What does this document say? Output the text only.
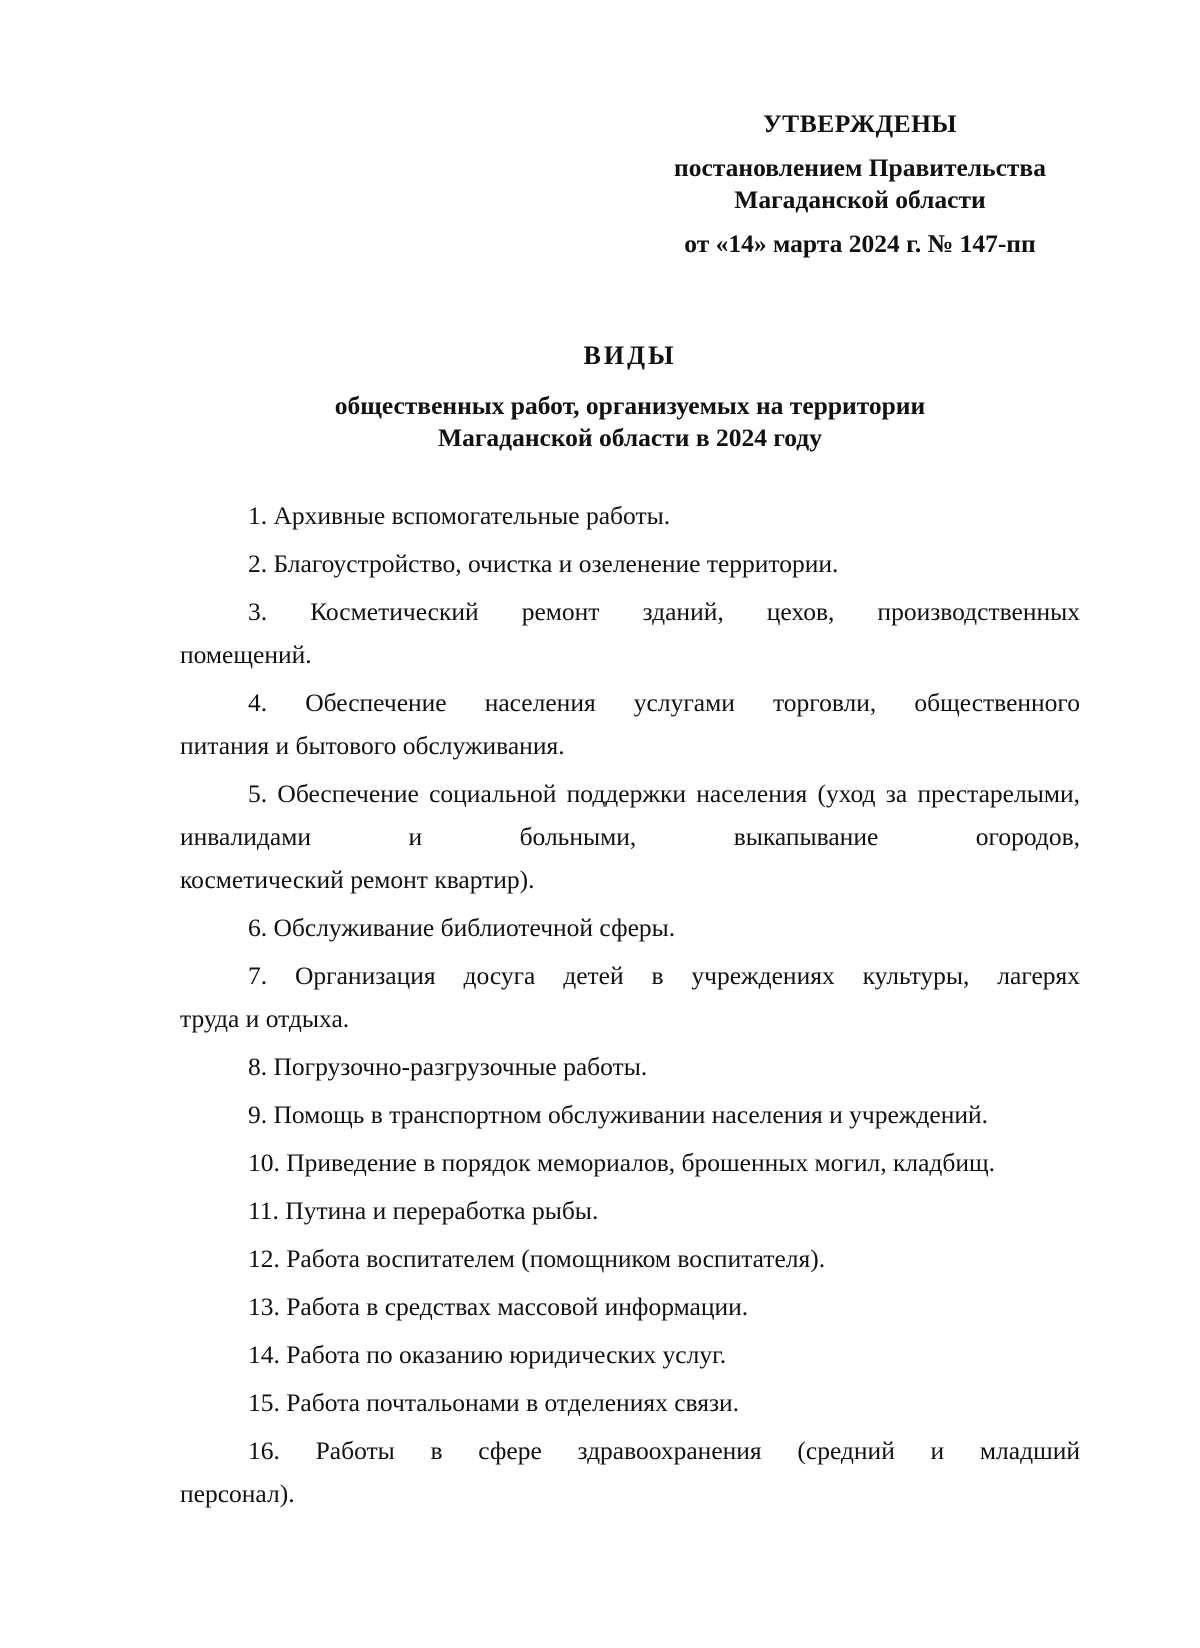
УТВЕРЖДЕНЫ
постановлением Правительства
Магаданской области
от «14» марта 2024 г. № 147-пп
ВИДЫ
общественных работ, организуемых на территории
Магаданской области в 2024 году

1. Архивные вспомогательные работы.

2. Благоустройство, очистка и озеленение территории.

3. Косметический ремонт зданий, цехов, производственных
помещений.

4. Обеспечение населения услугами торговли, общественного
питания и бытового обслуживания.

5. Обеспечение социальной поддержки населения (уход за престарелыми, инвалидами и больными, выкапывание огородов,
косметический ремонт квартир).

6. Обслуживание библиотечной сферы.

7. Организация досуга детей в учреждениях культуры, лагерях
труда и отдыха.

8. Погрузочно-разгрузочные работы.

9. Помощь в транспортном обслуживании населения и учреждений.

10. Приведение в порядок мемориалов, брошенных могил, кладбищ.

11. Путина и переработка рыбы.

12. Работа воспитателем (помощником воспитателя).

13. Работа в средствах массовой информации.

14. Работа по оказанию юридических услуг.

15. Работа почтальонами в отделениях связи.

16. Работы в сфере здравоохранения (средний и младший
персонал).
